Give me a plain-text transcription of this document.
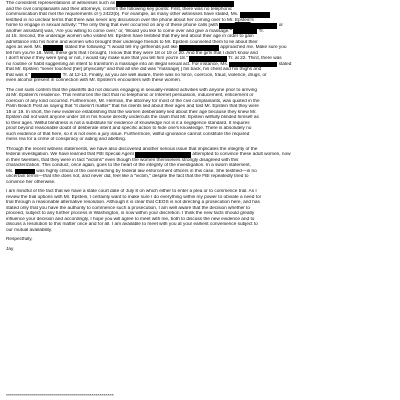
The consistent representations of witnesses such as
and the civil complainants and their attorneys, confirm the following key points: First, there was no telephonic
communication that met the requirements of § 2422(b). For example, as many other witnesses have stated, Ms.
testified in no unclear terms that there was never any discussion over the phone about her coming over to Mr. Epstein's
home to engage in sexual activity: "The only thing that ever occurred on any of these phone calls [with	or
another assistant] was, 'Are you willing to come over,' or, 'Would you like to come over and give a massage.'"	Tr.
at 15. Second, the underage women who visited Mr. Epstein have testified that they lied about their age in order to gain
admittance into his home and women who brought their underage friends to Mr. Epstein counseled them to lie about their
ages as well. Ms.	stated the following: "I would tell my girlfriends just like	approached me. Make sure you
tell him you're 18. Well, these girls that I brought, I know that they were 18 or 19 or 20. And the girls that I didn't know and
I don't know if they were lying or not, I would say make sure that you tell him you're 18."	Tr. at 22. Third, there was
no routine or habit suggesting an intent to transform a massage into an illegal sexual act. For instance, Ms.	stated
that Mr. Epstein "never touched [her] physically" and that all she did was "massage[ ] his back, his chest and his thighs and
that was it."	Tr. at 12-13. Finally, as you are well aware, there was no force, coercion, fraud, violence, drugs, or
even alcohol present in connection with Mr. Epstein's encounters with these women.
The civil suits confirm that the plaintiffs did not discuss engaging in sexually-related activities with anyone prior to arriving
at Mr. Epstein's residence. This reinforces the fact that no telephonic or Internet persuasion, inducement, enticement or
coercion of any kind occurred. Furthermore, Mr. Herman, the attorney for most of the civil complainants, was quoted in the
Palm Beach Post as saying that "it doesn't matter" that his clients lied about their ages and told Mr. Epstein that they were
18 or 19. In short, the new evidence establishing that the women deliberately lied about their age because they knew Mr.
Epstein did not want anyone under 18 in his house directly undercuts the claim that Mr. Epstein willfully blinded himself as
to their ages. Willful blindness is not a substitute for evidence of knowledge nor is it a negligence standard. It requires
proof beyond reasonable doubt of deliberate intent and specific action to hide one's knowledge. There is absolutely no
such evidence of that here, so it is not even a jury issue. Furthermore, willful ignorance cannot constitute the required
mens rea for a crime of conspiracy or aiding and abetting.
Through the recent witness statements, we have also discovered another serious issue that implicates the integrity of the
federal investigation. We have learned that FBI Special Agent	attempted to convince these adult women, now
in their twenties, that they were in fact "victims" even though the women themselves strongly disagreed with this
characterization. This conduct, once again, goes to the heart of the integrity of the investigation. In a sworn statement,
Ms.	was highly critical of the overreaching by federal law enforcement officers in this case. She testified—in no
uncertain terms—that she does not, and never did, feel like a "victim," despite the fact that the FBI repeatedly tried to
convince her otherwise.
I am mindful of the fact that we have a state court date of July 8 on which either to enter a plea or to commence trial. As I
review the trial options with Mr. Epstein, I certainly want to make sure I do everything within my power to obviate a need for
trial through a reasonable alternative resolution. Although it is clear that CEOS is not directing a prosecution here, and has
stated only that you have the authority to commence such a prosecution, I am well aware that the decision whether to
proceed, subject to any further process in Washington, is now within your discretion. I think the new facts should greatly
influence your decision and accordingly, I hope you will agree to meet with me, both to discuss the new evidence and to
discuss a resolution to this matter once and for all. I am available to meet with you at your earliest convenience subject to
our mutual availability.
Respectfully,
Jay
******************************************************
